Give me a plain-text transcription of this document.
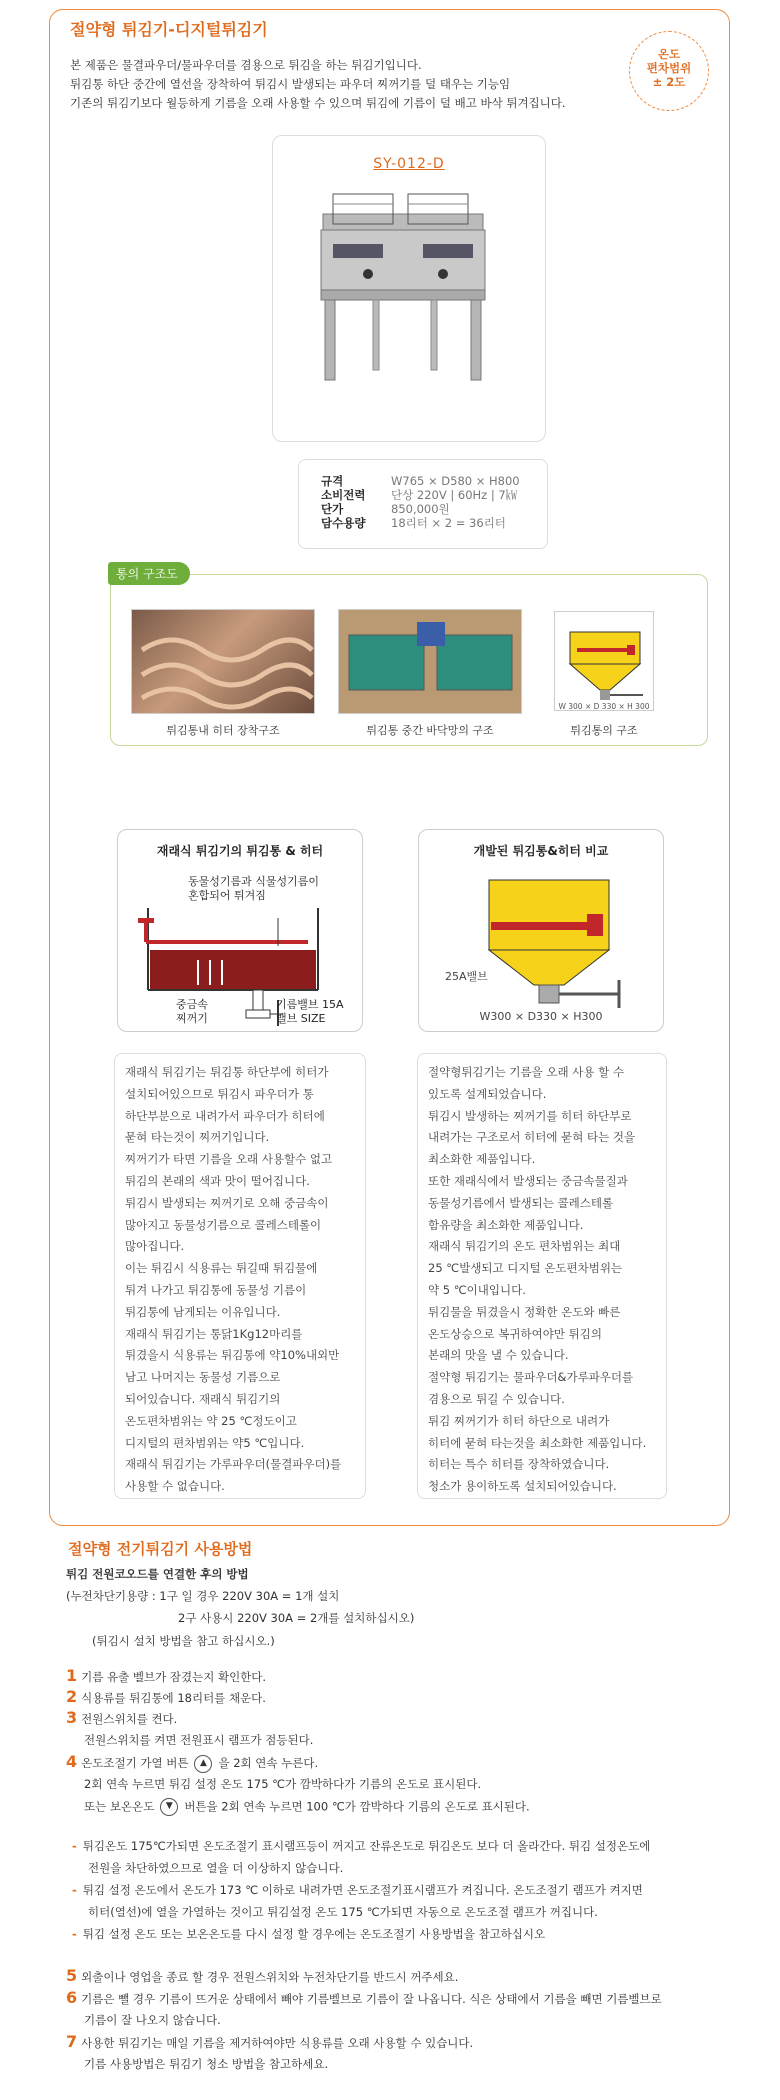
절약형 튀김기-디지털튀김기
온도
편차범위
± 2도
본 제품은 물결파우더/물파우더를 겸용으로 튀김을 하는 튀김기입니다.
튀김통 하단 중간에 열선을 장착하여 튀김시 발생되는 파우더 찌꺼기를 덜 태우는 기능임
기존의 튀김기보다 월등하게 기름을 오래 사용할 수 있으며 튀김에 기름이 덜 배고 바삭 튀겨집니다.
SY-012-D
규격	W765 × D580 × H800
소비전력	단상 220V | 60Hz | 7㎾
단가	850,000원
담수용량	18리터 × 2 = 36리터
통의 구조도
튀김통내 히터 장착구조	튀김통 중간 바닥망의 구조
W 300 × D 330 × H 300
튀김통의 구조
재래식 튀김기의 튀김통 & 히터
동물성기름과 식물성기름이
혼합되어 튀겨짐
중금속
찌꺼기
기름밸브 15A
밸브 SIZE
개발된 튀김통&히터 비교
25A밸브
W300 × D330 × H300
재래식 튀김기는 튀김통 하단부에 히터가
설치되어있으므로 튀김시 파우더가 통
하단부분으로 내려가서 파우더가 히터에
묻혀 타는것이 찌꺼기입니다.
찌꺼기가 타면 기름을 오래 사용할수 없고
튀김의 본래의 색과 맛이 떨어집니다.
튀김시 발생되는 찌꺼기로 오해 중금속이
많아지고 동물성기름으로 콜레스테롤이
많아집니다.
이는 튀김시 식용류는 튀길때 튀김물에
튀겨 나가고 튀김통에 동물성 기름이
튀김통에 남게되는 이유입니다.
재래식 튀김기는 통닭1Kg12마리를
튀겼을시 식용류는 튀김통에 약10%내외만
남고 나머지는 동물성 기름으로
되어있습니다. 재래식 튀김기의
온도편차범위는 약 25 ℃정도이고
디지털의 편차범위는 약5 ℃입니다.
재래식 튀김기는 가루파우더(물결파우더)를
사용할 수 없습니다.
절약형튀김기는 기름을 오래 사용 할 수
있도록 설계되었습니다.
튀김시 발생하는 찌꺼기를 히터 하단부로
내려가는 구조로서 히터에 묻혀 타는 것을
최소화한 제품입니다.
또한 재래식에서 발생되는 중금속물질과
동물성기름에서 발생되는 콜레스테롤
함유량을 최소화한 제품입니다.
재래식 튀김기의 온도 편차범위는 최대
25 ℃발생되고 디지털 온도편차범위는
약 5 ℃이내입니다.
튀김물을 튀겼을시 정확한 온도와 빠른
온도상승으로 복귀하여야만 튀김의
본래의 맛을 낼 수 있습니다.
절약형 튀김기는 물파우더&가루파우더를
겸용으로 튀길 수 있습니다.
튀김 찌꺼기가 히터 하단으로 내려가
히터에 묻혀 타는것을 최소화한 제품입니다.
히터는 특수 히터를 장착하였습니다.
청소가 용이하도록 설치되어있습니다.
절약형 전기튀김기 사용방법
튀김 전원코오드를 연결한 후의 방법
(누전차단기용량 : 1구 일 경우 220V 30A = 1개 설치
2구 사용시 220V 30A = 2개를 설치하십시오)
(튀김시 설치 방법을 참고 하십시오.)
1 기름 유출 벨브가 잠겼는지 확인한다.
2 식용류를 튀김통에 18리터를 채운다.
3 전원스위치를 켠다.
전원스위치를 켜면 전원표시 램프가 점등된다.
4 온도조절기 가열 버튼 ▲ 을 2회 연속 누른다.
2회 연속 누르면 튀김 설정 온도 175 ℃가 깜박하다가 기름의 온도로 표시된다.
또는 보온온도 ▼ 버튼을 2회 연속 누르면 100 ℃가 깜박하다 기름의 온도로 표시된다.
- 튀김온도 175℃가되면 온도조절기 표시램프등이 꺼지고 잔류온도로 튀김온도 보다 더 올라간다. 튀김 설정온도에
전원을 차단하였으므로 열을 더 이상하지 않습니다.
- 튀김 설정 온도에서 온도가 173 ℃ 이하로 내려가면 온도조절기표시램프가 켜집니다. 온도조절기 램프가 켜지면
히터(열선)에 열을 가열하는 것이고 튀김설정 온도 175 ℃가되면 자동으로 온도조절 램프가 꺼집니다.
- 튀김 설정 온도 또는 보온온도를 다시 설정 할 경우에는 온도조절기 사용방법을 참고하십시오
5 외출이나 영업을 종료 할 경우 전원스위치와 누전차단기를 반드시 꺼주세요.
6 기름은 뺄 경우 기름이 뜨거운 상태에서 빼야 기름벨브로 기름이 잘 나옵니다. 식은 상태에서 기름을 빼면 기름벨브로
기름이 잘 나오지 않습니다.
7 사용한 튀김기는 매일 기름을 제거하여야만 식용류를 오래 사용할 수 있습니다.
기름 사용방법은 튀김기 청소 방법을 참고하세요.
